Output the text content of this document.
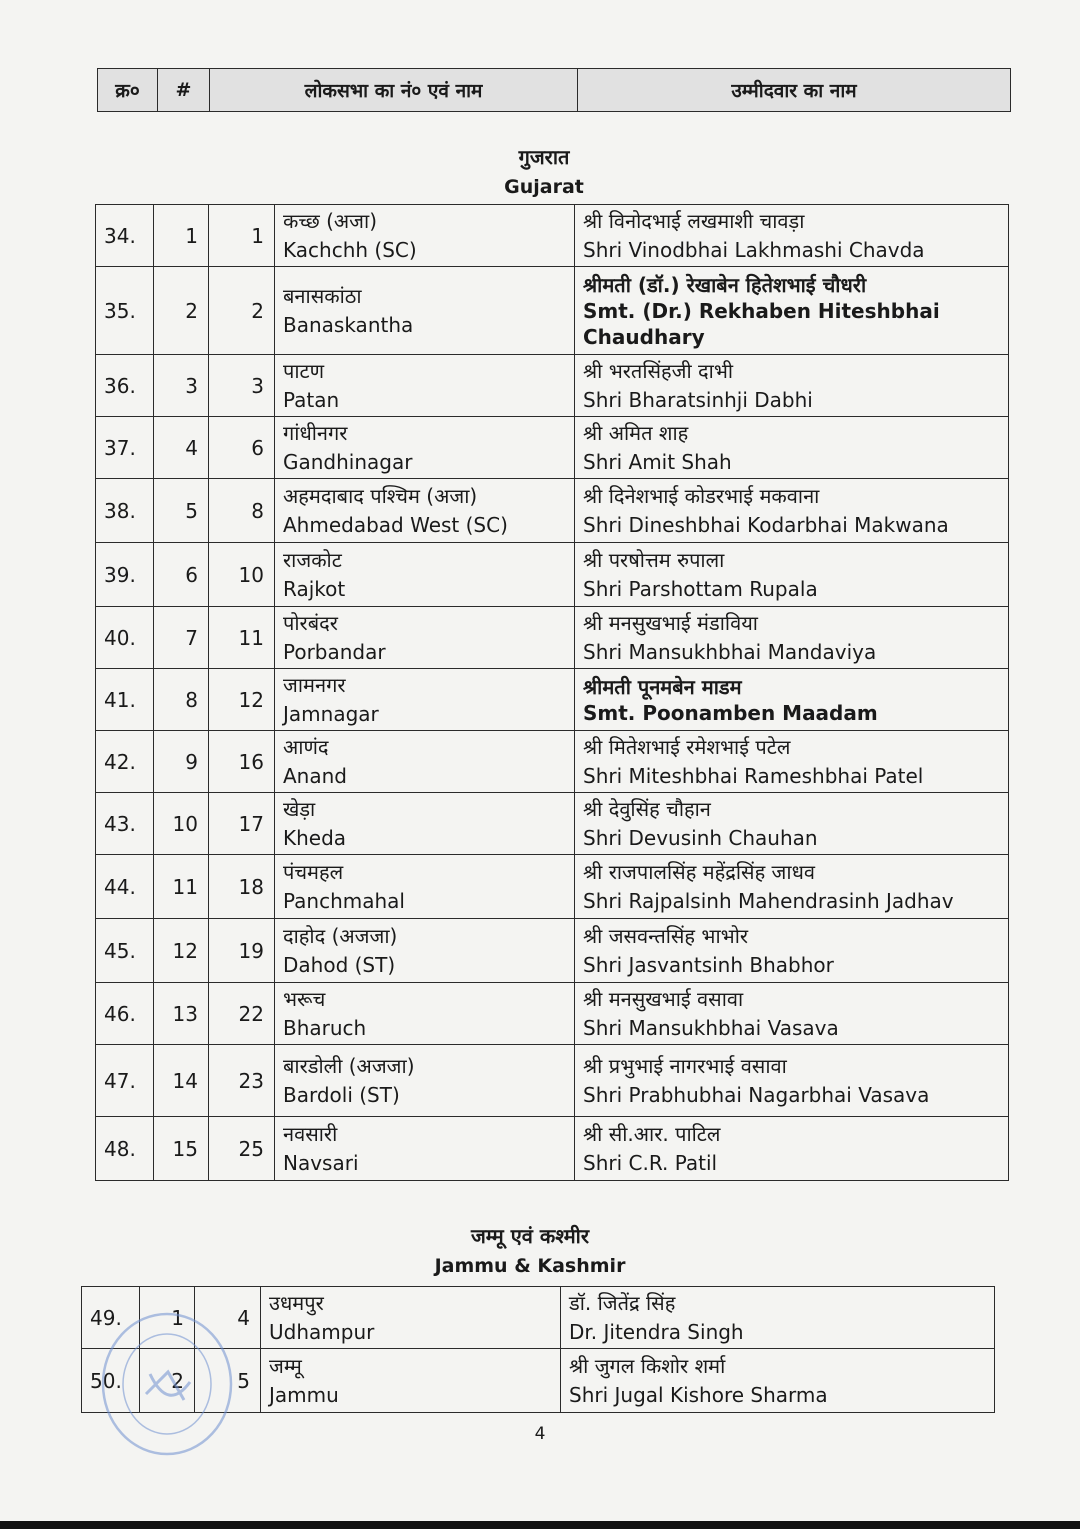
क्र०	#	लोकसभा का नं० एवं नाम	उम्मीदवार का नाम
गुजरात
Gujarat
34.	1	1	कच्छ (अजा)
Kachchh (SC)	श्री विनोदभाई लखमाशी चावड़ा
Shri Vinodbhai Lakhmashi Chavda

35.	2	2	बनासकांठा
Banaskantha	श्रीमती (डॉ.) रेखाबेन हितेशभाई चौधरी
Smt. (Dr.) Rekhaben Hiteshbhai Chaudhary

36.	3	3	पाटण
Patan	श्री भरतसिंहजी दाभी
Shri Bharatsinhji Dabhi

37.	4	6	गांधीनगर
Gandhinagar	श्री अमित शाह
Shri Amit Shah

38.	5	8	अहमदाबाद पश्चिम (अजा)
Ahmedabad West (SC)	श्री दिनेशभाई कोडरभाई मकवाना
Shri Dineshbhai Kodarbhai Makwana

39.	6	10	राजकोट
Rajkot	श्री परषोत्तम रुपाला
Shri Parshottam Rupala

40.	7	11	पोरबंदर
Porbandar	श्री मनसुखभाई मंडाविया
Shri Mansukhbhai Mandaviya

41.	8	12	जामनगर
Jamnagar	श्रीमती पूनमबेन माडम
Smt. Poonamben Maadam

42.	9	16	आणंद
Anand	श्री मितेशभाई रमेशभाई पटेल
Shri Miteshbhai Rameshbhai Patel

43.	10	17	खेड़ा
Kheda	श्री देवुसिंह चौहान
Shri Devusinh Chauhan

44.	11	18	पंचमहल
Panchmahal	श्री राजपालसिंह महेंद्रसिंह जाधव
Shri Rajpalsinh Mahendrasinh Jadhav

45.	12	19	दाहोद (अजजा)
Dahod (ST)	श्री जसवन्तसिंह भाभोर
Shri Jasvantsinh Bhabhor

46.	13	22	भरूच
Bharuch	श्री मनसुखभाई वसावा
Shri Mansukhbhai Vasava

47.	14	23	बारडोली (अजजा)
Bardoli (ST)	श्री प्रभुभाई नागरभाई वसावा
Shri Prabhubhai Nagarbhai Vasava

48.	15	25	नवसारी
Navsari	श्री सी.आर. पाटिल
Shri C.R. Patil
जम्मू एवं कश्मीर
Jammu & Kashmir
49.	1	4	उधमपुर
Udhampur	डॉ. जितेंद्र सिंह
Dr. Jitendra Singh

50.	2	5	जम्मू
Jammu	श्री जुगल किशोर शर्मा
Shri Jugal Kishore Sharma
4
